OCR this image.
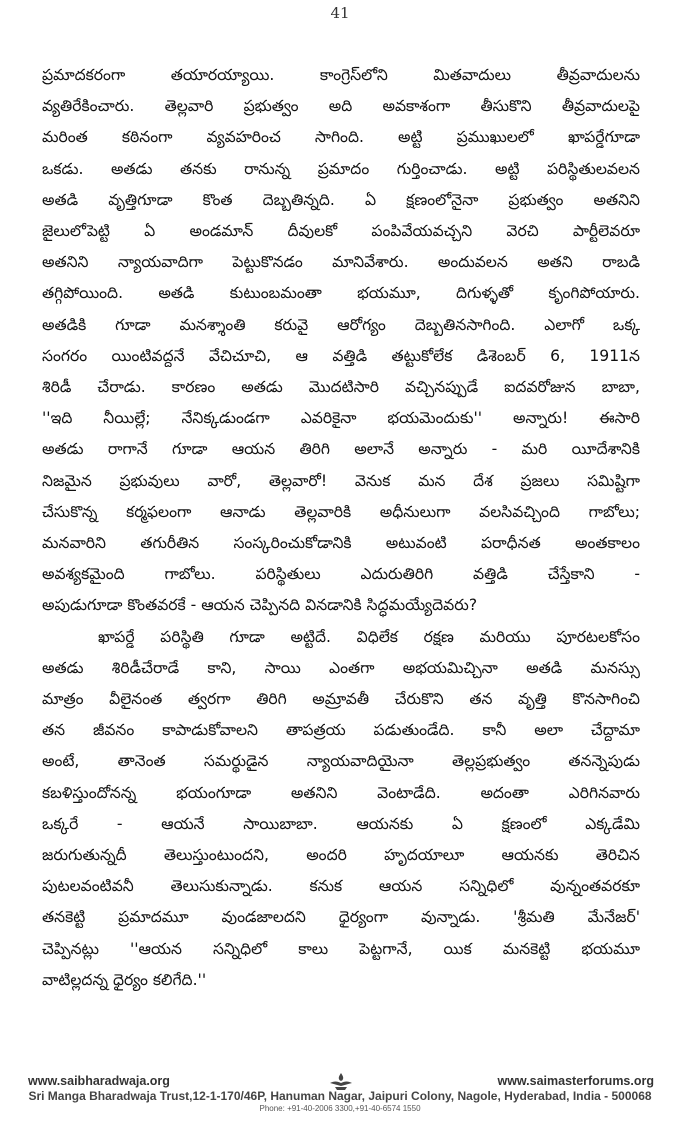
41

ప్రమాదకరంగా తయారయ్యాయి. కాంగ్రెస్‌లోని మితవాదులు తీవ్రవాదులను

వ్యతిరేకించారు. తెల్లవారి ప్రభుత్వం అది అవకాశంగా తీసుకొని తీవ్రవాదులపై

మరింత కఠినంగా వ్యవహరించ సాగింది. అట్టి ప్రముఖులలో ఖాపర్డేగూడా

ఒకడు. అతడు తనకు రానున్న ప్రమాదం గుర్తించాడు. అట్టి పరిస్థితులవలన

అతడి వృత్తిగూడా కొంత దెబ్బతిన్నది. ఏ క్షణంలోనైనా ప్రభుత్వం అతనిని

జైలులోపెట్టి ఏ అండమాన్ దీవులకో పంపివేయవచ్చని వెరచి పార్టీలెవరూ

అతనిని న్యాయవాదిగా పెట్టుకొనడం మానివేశారు. అందువలన అతని రాబడి

తగ్గిపోయింది. అతడి కుటుంబమంతా భయమూ, దిగుళ్ళతో కృంగిపోయారు.

అతడికి గూడా మనశ్శాంతి కరువై ఆరోగ్యం దెబ్బతినసాగింది. ఎలాగో ఒక్క

సంగరం యింటివద్దనే వేచిచూచి, ఆ వత్తిడి తట్టుకోలేక డిశెంబర్ 6, 1911న

శిరిడీ చేరాడు. కారణం అతడు మొదటిసారి వచ్చినప్పుడే ఐదవరోజున బాబా,

''ఇది నీయిల్లే; నేనిక్కడుండగా ఎవరికైనా భయమెందుకు'' అన్నారు! ఈసారి

అతడు రాగానే గూడా ఆయన తిరిగి అలానే అన్నారు - మరి యీదేశానికి

నిజమైన ప్రభువులు వారో, తెల్లవారో! వెనుక మన దేశ ప్రజలు సమిష్టిగా

చేసుకొన్న కర్మఫలంగా ఆనాడు తెల్లవారికి అధీనులుగా వలసివచ్చింది గాబోలు;

మనవారిని తగురీతిన సంస్కరించుకోడానికి అటువంటి పరాధీనత అంతకాలం

అవశ్యకమైంది గాబోలు. పరిస్థితులు ఎదురుతిరిగి వత్తిడి చేస్తేకాని -

అపుడుగూడా కొంతవరకే - ఆయన చెప్పినది వినడానికి సిద్ధమయ్యేదెవరు?

ఖాపర్డే పరిస్థితి గూడా అట్టిదే. విధిలేక రక్షణ మరియు పూరటలకోసం

అతడు శిరిడీచేరాడే కాని, సాయి ఎంతగా అభయమిచ్చినా అతడి మనస్సు

మాత్రం వీలైనంత త్వరగా తిరిగి అమ్రావతీ చేరుకొని తన వృత్తి కొనసాగించి

తన జీవనం కాపాడుకోవాలని తాపత్రయ పడుతుండేది. కానీ అలా చేద్దామా

అంటే, తానెంత సమర్థుడైన న్యాయవాదియైనా తెల్లప్రభుత్వం తనన్నెపుడు

కబళిస్తుందోనన్న భయంగూడా అతనిని వెంటాడేది. అదంతా ఎరిగినవారు

ఒక్కరే - ఆయనే సాయిబాబా. ఆయనకు ఏ క్షణంలో ఎక్కడేమి

జరుగుతున్నదీ తెలుస్తుంటుందని, అందరి హృదయాలూ ఆయనకు తెరిచిన

పుటలవంటివనీ తెలుసుకున్నాడు. కనుక ఆయన సన్నిధిలో వున్నంతవరకూ

తనకెట్టి ప్రమాదమూ వుండజాలదని ధైర్యంగా వున్నాడు. 'శ్రీమతి మేనేజర్'

చెప్పినట్లు ''ఆయన సన్నిధిలో కాలు పెట్టగానే, యిక మనకెట్టి భయమూ

వాటిల్లదన్న ధైర్యం కలిగేది.''

www.saibharadwaja.org	www.saimasterforums.org
Sri Manga Bharadwaja Trust,12-1-170/46P, Hanuman Nagar, Jaipuri Colony, Nagole, Hyderabad, India - 500068
Phone: +91-40-2006 3300,+91-40-6574 1550
